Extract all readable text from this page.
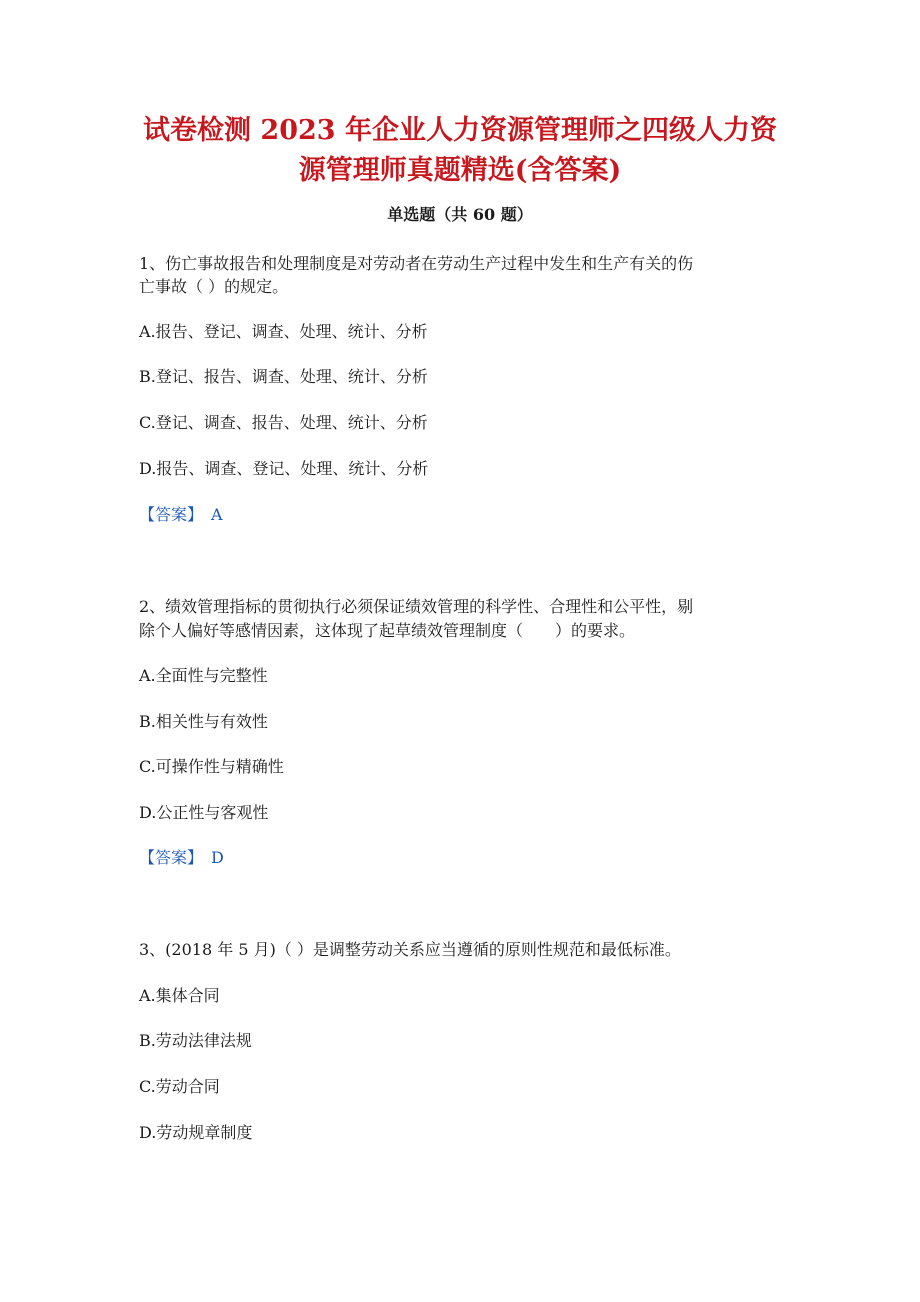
试卷检测 2023 年企业人力资源管理师之四级人力资
源管理师真题精选(含答案)
单选题（共 60 题）
1、伤亡事故报告和处理制度是对劳动者在劳动生产过程中发生和生产有关的伤
亡事故（ ）的规定。
A.报告、登记、调查、处理、统计、分析
B.登记、报告、调查、处理、统计、分析
C.登记、调查、报告、处理、统计、分析
D.报告、调查、登记、处理、统计、分析
【答案】 A
2、绩效管理指标的贯彻执行必须保证绩效管理的科学性、合理性和公平性，剔
除个人偏好等感情因素，这体现了起草绩效管理制度（　　）的要求。
A.全面性与完整性
B.相关性与有效性
C.可操作性与精确性
D.公正性与客观性
【答案】 D
3、(2018 年 5 月)（ ）是调整劳动关系应当遵循的原则性规范和最低标准。
A.集体合同
B.劳动法律法规
C.劳动合同
D.劳动规章制度
